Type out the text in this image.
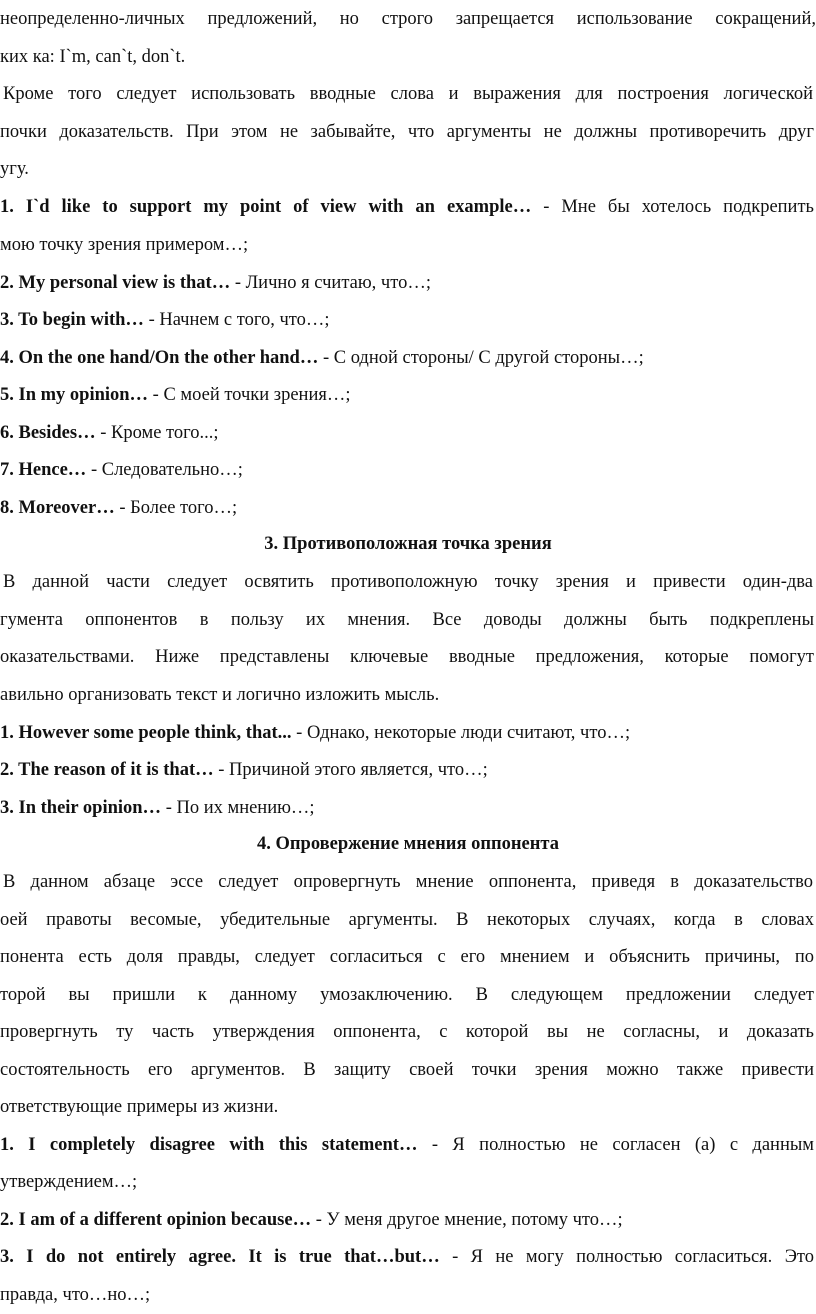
неопределенно-личных предложений, но строго запрещается использование сокращений,
ких ка: I`m, can`t, don`t.
Кроме того следует использовать вводные слова и выражения для построения логической
почки доказательств. При этом не забывайте, что аргументы не должны противоречить друг
угу.
1. I`d like to support my point of view with an example… - Мне бы хотелось подкрепить
мою точку зрения примером…;
2. My personal view is that… - Лично я считаю, что…;
3. To begin with… - Начнем с того, что…;
4. On the one hand/On the other hand… - С одной стороны/ С другой стороны…;
5. In my opinion… - С моей точки зрения…;
6. Besides… - Кроме того...;
7. Hence… - Следовательно…;
8. Moreover… - Более того…;
3. Противоположная точка зрения
В данной части следует освятить противоположную точку зрения и привести один-два
гумента оппонентов в пользу их мнения. Все доводы должны быть подкреплены
оказательствами. Ниже представлены ключевые вводные предложения, которые помогут
авильно организовать текст и логично изложить мысль.
1. However some people think, that... - Однако, некоторые люди считают, что…;
2. The reason of it is that… - Причиной этого является, что…;
3. In their opinion… - По их мнению…;
4. Опровержение мнения оппонента
В данном абзаце эссе следует опровергнуть мнение оппонента, приведя в доказательство
оей правоты весомые, убедительные аргументы. В некоторых случаях, когда в словах
понента есть доля правды, следует согласиться с его мнением и объяснить причины, по
торой вы пришли к данному умозаключению. В следующем предложении следует
провергнуть ту часть утверждения оппонента, с которой вы не согласны, и доказать
состоятельность его аргументов. В защиту своей точки зрения можно также привести
ответствующие примеры из жизни.
1. I completely disagree with this statement… - Я полностью не согласен (а) с данным
утверждением…;
2. I am of a different opinion because… - У меня другое мнение, потому что…;
3. I do not entirely agree. It is true that…but… - Я не могу полностью согласиться. Это
правда, что…но…;
